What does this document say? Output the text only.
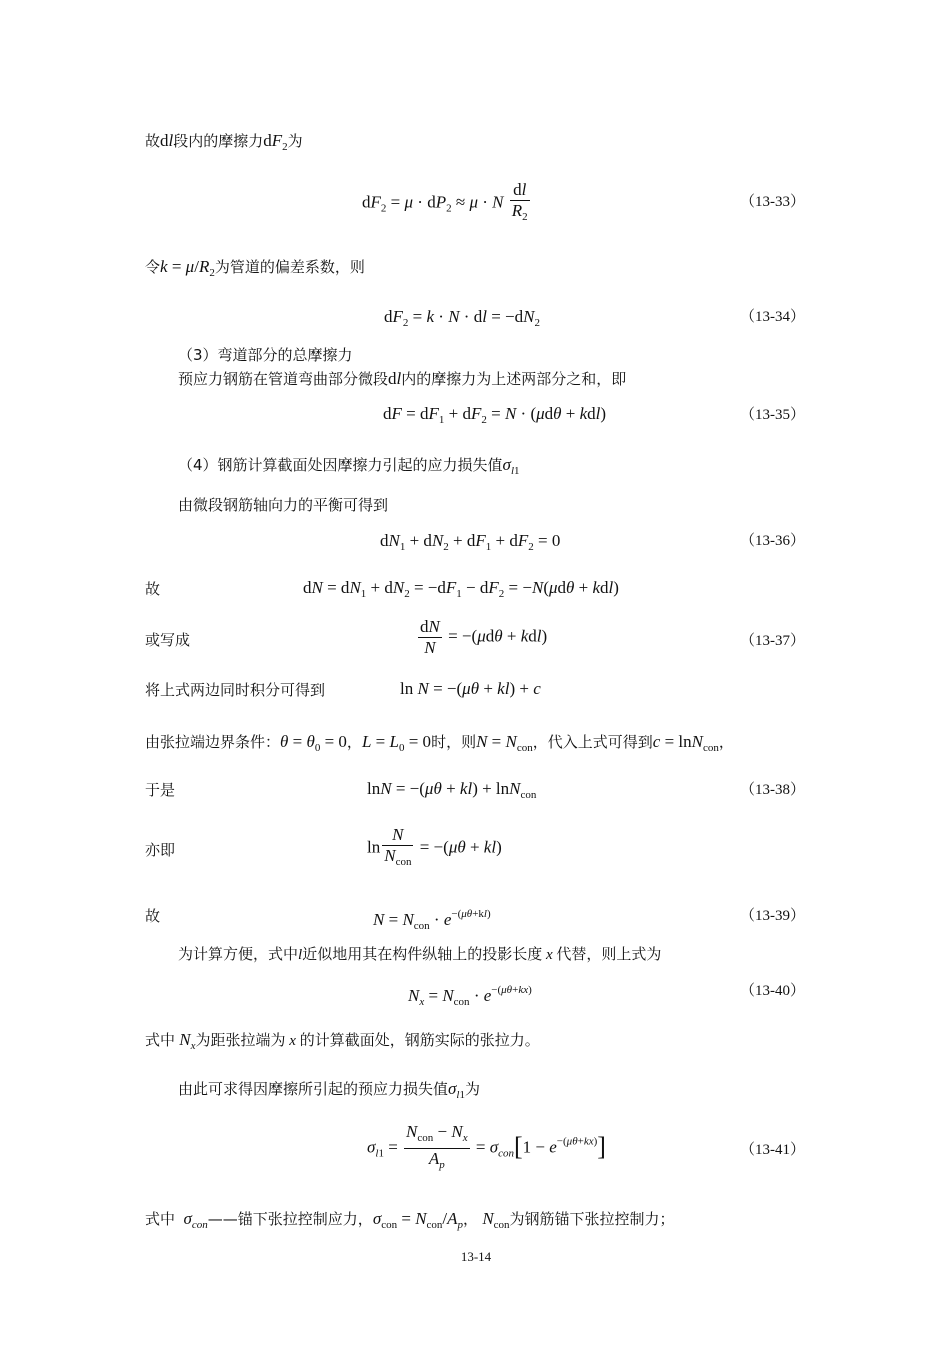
故dl段内的摩擦力$dF_2$为
$dF_2 = \mu \cdot dP_2 \approx \mu \cdot N \frac{dl}{R_2}$	（13-33）
令$k = \mu/R_2$为管道的偏差系数，则
$dF_2 = k \cdot N$ · dl = $-dN_2$	（13-34）
（3）弯道部分的总摩擦力
预应力钢筋在管道弯曲部分微段dl内的摩擦力为上述两部分之和，即
dF = $dF_1 + dF_2 = N \cdot (\mu d\theta + kdl)$	（13-35）
（4）钢筋计算截面处因摩擦力引起的应力损失值$\sigma_{l1}$
由微段钢筋轴向力的平衡可得到
$dN_1 + dN_2 + dF_1 + dF_2 = 0$	（13-36）
故	dN = $dN_1 + dN_2 = -dF_1 - dF_2 = -N(\mu d\theta + kdl)$
或写成	$\frac{dN}{N} = -(\mu d\theta + kdl)$	（13-37）
将上式两边同时积分可得到	ln N = −(μθ + kl) + c
由张拉端边界条件：$\theta = \theta_0 = 0$，$L = L_0 = 0$时，则$N = N_{con}$，代入上式可得到c = lnN$_{con}$，
于是	lnN = −(μθ + kl) + lnN$_{con}$	（13-38）
亦即	$\ln \frac{N}{N_{con}} = -(\mu\theta + kl)$
故	$N = N_{con} \cdot e^{-(\mu\theta+kl)}$	（13-39）
为计算方便，式中l近似地用其在构件纵轴上的投影长度 x 代替，则上式为
$N_x = N_{con} \cdot e^{-(\mu\theta+kx)}$	（13-40）
式中 $N_x$为距张拉端为 x 的计算截面处，钢筋实际的张拉力。
由此可求得因摩擦所引起的预应力损失值$\sigma_{l1}$为
$\sigma_{l1} = \frac{N_{con} - N_x}{A_p} = \sigma_{con}[1 - e^{-(\mu\theta+kx)}]$	（13-41）
式中 $\sigma_{con}——$锚下张拉控制应力，$\sigma_{con} = N_{con}/A_p$， $N_{con}$为钢筋锚下张拉控制力；
13-14
